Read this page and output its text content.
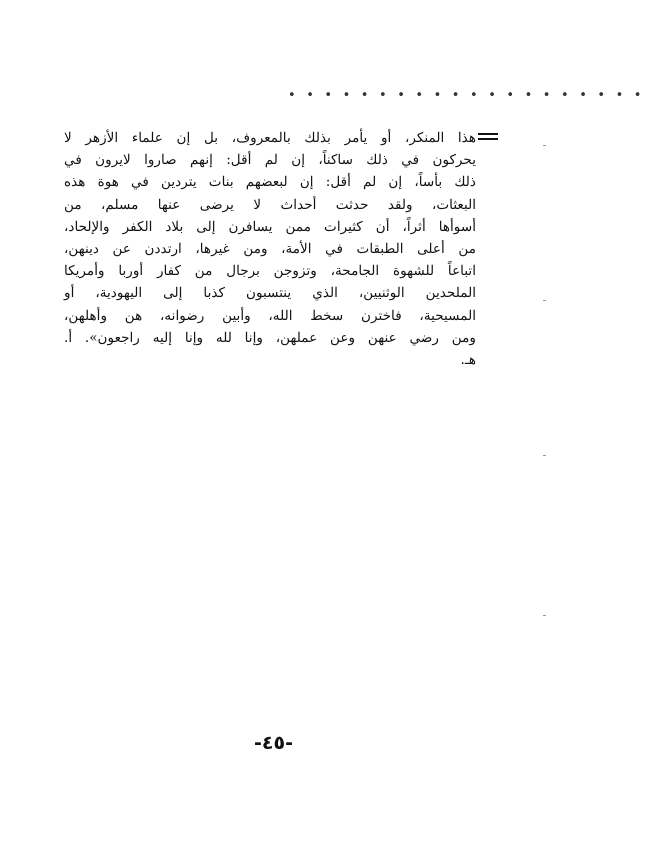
• • • • • • • • • • • • • • • • • • • •
هذا المنكر، أو يأمر بذلك بالمعروف، بل إن علماء الأزهر لا
يحركون في ذلك ساكناً، إن لم أقل: إنهم صاروا لايرون في
ذلك بأساً، إن لم أقل: إن لبعضهم بنات يتردين في هوة هذه
البعثات، ولقد حدثت أحداث لا يرضى عنها مسلم، من
أسوأها أثراً، أن كثيرات ممن يسافرن إلى بلاد الكفر والإلحاد،
من أعلى الطبقات في الأمة، ومن غيرها، ارتددن عن دينهن،
اتباعاً للشهوة الجامحة، وتزوجن برجال من كفار أوربا وأمريكا
الملحدين الوثنيين، الذي ينتسبون كذبا إلى اليهودية، أو
المسيحية، فاخترن سخط الله، وأبين رضوانه، هن وأهلهن،
ومن رضي عنهن وعن عملهن، وإنا لله وإنا إليه راجعون». أ.
هـ.
-٤٥-
